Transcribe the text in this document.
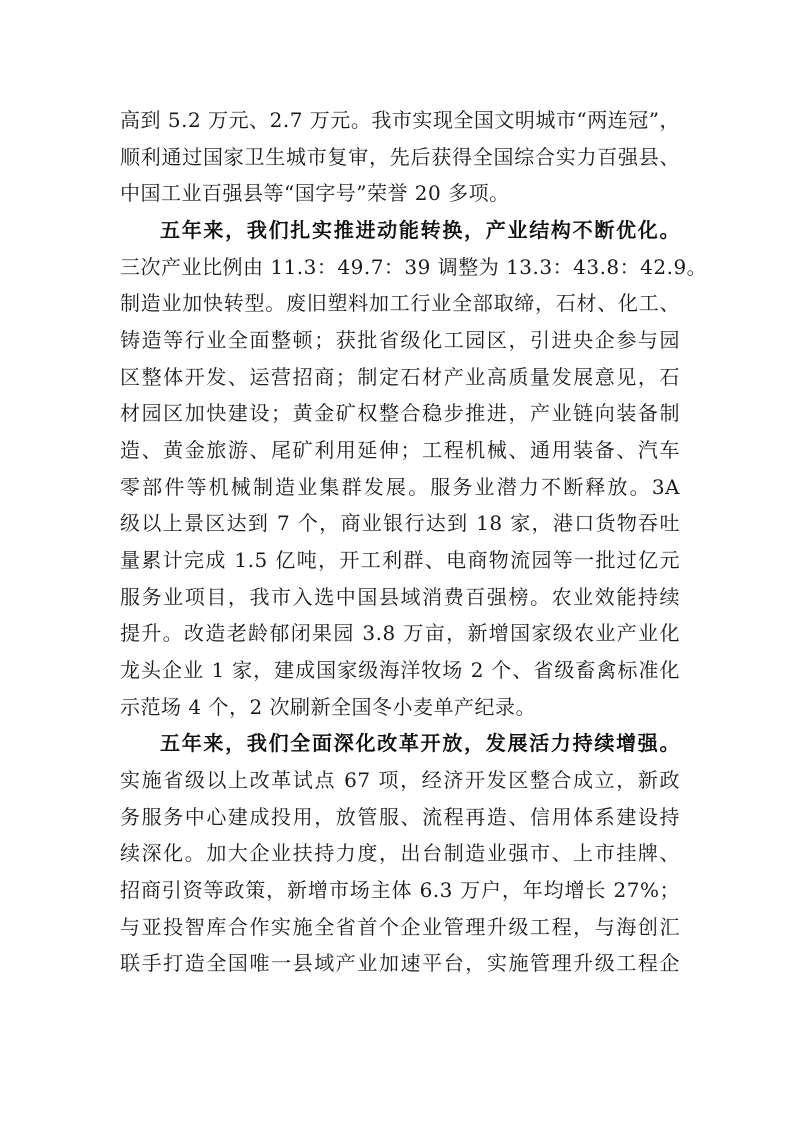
高到 5.2 万元、2.7 万元。我市实现全国文明城市“两连冠”，
顺利通过国家卫生城市复审，先后获得全国综合实力百强县、
中国工业百强县等“国字号”荣誉 20 多项。
五年来，我们扎实推进动能转换，产业结构不断优化。
三次产业比例由 11.3：49.7：39 调整为 13.3：43.8：42.9。
制造业加快转型。废旧塑料加工行业全部取缔，石材、化工、
铸造等行业全面整顿；获批省级化工园区，引进央企参与园
区整体开发、运营招商；制定石材产业高质量发展意见，石
材园区加快建设；黄金矿权整合稳步推进，产业链向装备制
造、黄金旅游、尾矿利用延伸；工程机械、通用装备、汽车
零部件等机械制造业集群发展。服务业潜力不断释放。3A
级以上景区达到 7 个，商业银行达到 18 家，港口货物吞吐
量累计完成 1.5 亿吨，开工利群、电商物流园等一批过亿元
服务业项目，我市入选中国县域消费百强榜。农业效能持续
提升。改造老龄郁闭果园 3.8 万亩，新增国家级农业产业化
龙头企业 1 家，建成国家级海洋牧场 2 个、省级畜禽标准化
示范场 4 个，2 次刷新全国冬小麦单产纪录。
五年来，我们全面深化改革开放，发展活力持续增强。
实施省级以上改革试点 67 项，经济开发区整合成立，新政
务服务中心建成投用，放管服、流程再造、信用体系建设持
续深化。加大企业扶持力度，出台制造业强市、上市挂牌、
招商引资等政策，新增市场主体 6.3 万户，年均增长 27%；
与亚投智库合作实施全省首个企业管理升级工程，与海创汇
联手打造全国唯一县域产业加速平台，实施管理升级工程企
